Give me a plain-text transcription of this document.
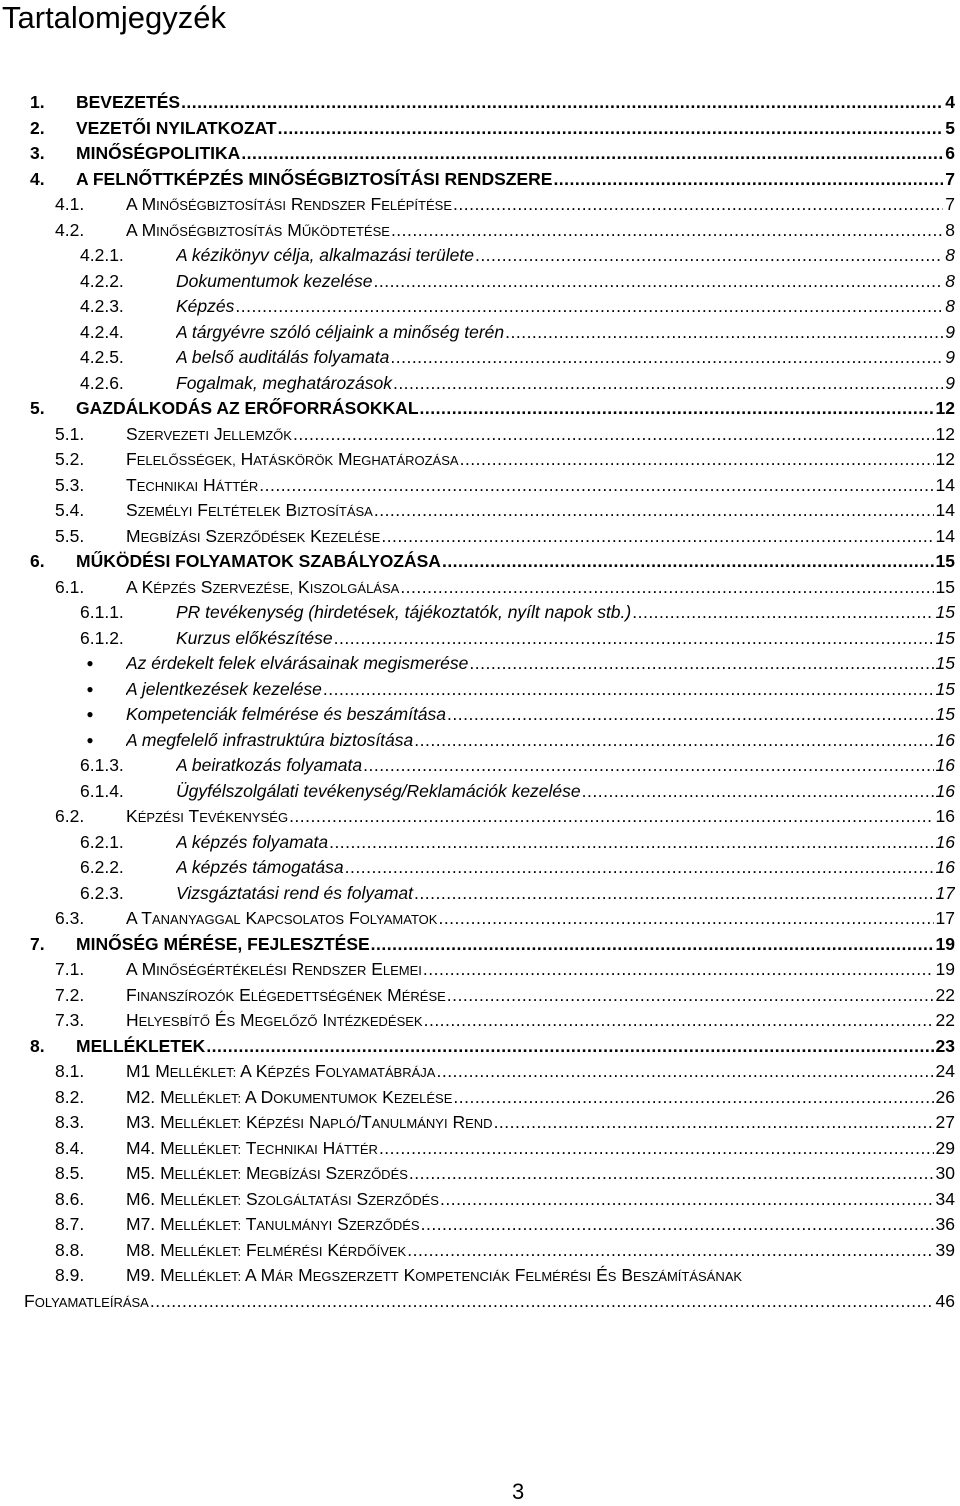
Tartalomjegyzék
1. BEVEZETÉS .....	4
2. VEZETŐI NYILATKOZAT .....	5
3. MINŐSÉGPOLITIKA .....	6
4. A FELNŐTTKÉPZÉS MINŐSÉGBIZTOSÍTÁSI RENDSZERE .....	7
4.1. A MINŐSÉGBIZTOSÍTÁSI RENDSZER FELÉPÍTÉSE .....	7
4.2. A MINŐSÉGBIZTOSÍTÁS MŰKÖDTETÉSE .....	8
4.2.1.	A kézikönyv célja, alkalmazási területe .....	8
4.2.2.	Dokumentumok kezelése .....	8
4.2.3.	Képzés .....	8
4.2.4.	A tárgyévre szóló céljaink a minőség terén .....	9
4.2.5.	A belső auditálás folyamata .....	9
4.2.6.	Fogalmak, meghatározások .....	9
5. GAZDÁLKODÁS AZ ERŐFORRÁSOKKAL .....	12
5.1. SZERVEZETI JELLEMZŐK .....	12
5.2. FELELŐSSÉGEK, HATÁSKÖRÖK MEGHATÁROZÁSA .....	12
5.3. TECHNIKAI HÁTTÉR .....	14
5.4. SZEMÉLYI FELTÉTELEK BIZTOSÍTÁSA .....	14
5.5. MEGBÍZÁSI SZERZŐDÉSEK KEZELÉSE .....	14
6. MŰKÖDÉSI FOLYAMATOK SZABÁLYOZÁSA .....	15
6.1. A KÉPZÉS SZERVEZÉSE, KISZOLGÁLÁSA .....	15
6.1.1.	PR tevékenység (hirdetések, tájékoztatók, nyílt napok stb.) .....	15
6.1.2.	Kurzus előkészítése .....	15
●
Az érdekelt felek elvárásainak megismerése .....	15
●
A jelentkezések kezelése .....	15
●
Kompetenciák felmérése és beszámítása .....	15
●
A megfelelő infrastruktúra biztosítása .....	16
6.1.3.	A beiratkozás folyamata .....	16
6.1.4.	Ügyfélszolgálati tevékenység/Reklamációk kezelése .....	16
6.2. KÉPZÉSI TEVÉKENYSÉG .....	16
6.2.1.	A képzés folyamata .....	16
6.2.2.	A képzés támogatása .....	16
6.2.3.	Vizsgáztatási rend és folyamat .....	17
6.3. A TANANYAGGAL KAPCSOLATOS FOLYAMATOK .....	17
7. MINŐSÉG MÉRÉSE, FEJLESZTÉSE .....	19
7.1. A MINŐSÉGÉRTÉKELÉSI RENDSZER ELEMEI .....	19
7.2. FINANSZÍROZÓK ELÉGEDETTSÉGÉNEK MÉRÉSE .....	22
7.3. HELYESBÍTŐ ÉS MEGELŐZŐ INTÉZKEDÉSEK .....	22
8. MELLÉKLETEK .....	23
8.1. M1 MELLÉKLET: A KÉPZÉS FOLYAMATÁBRÁJA .....	24
8.2. M2. MELLÉKLET: A DOKUMENTUMOK KEZELÉSE .....	26
8.3. M3. MELLÉKLET: KÉPZÉSI NAPLÓ/TANULMÁNYI REND .....	27
8.4. M4. MELLÉKLET: TECHNIKAI HÁTTÉR .....	29
8.5. M5. MELLÉKLET: MEGBÍZÁSI SZERZŐDÉS .....	30
8.6. M6. MELLÉKLET: SZOLGÁLTATÁSI SZERZŐDÉS .....	34
8.7. M7. MELLÉKLET: TANULMÁNYI SZERZŐDÉS .....	36
8.8. M8. MELLÉKLET: FELMÉRÉSI KÉRDŐÍVEK .....	39
8.9. M9. MELLÉKLET: A MÁR MEGSZERZETT KOMPETENCIÁK FELMÉRÉSI ÉS BESZÁMÍTÁSÁNAK
FOLYAMATLEÍRÁSA .....	46
3
